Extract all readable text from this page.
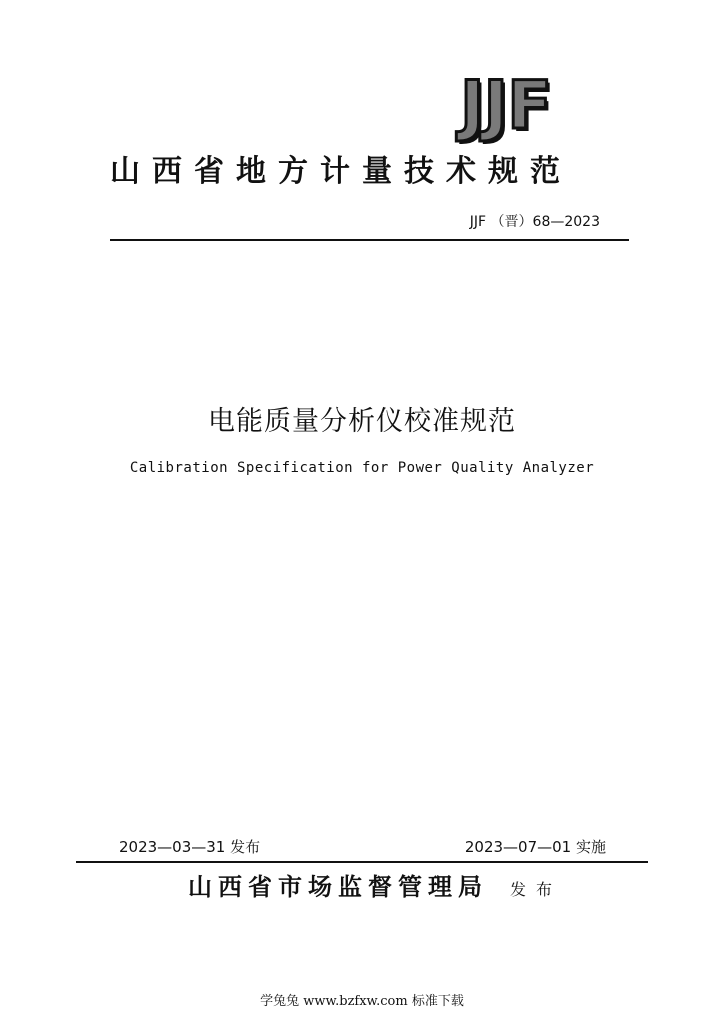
JJF
山西省地方计量技术规范
JJF （晋）68—2023
电能质量分析仪校准规范
Calibration Specification for Power Quality Analyzer
2023—03—31 发布	2023—07—01 实施
山西省市场监督管理局 发布
学兔兔 www.bzfxw.com 标准下载
